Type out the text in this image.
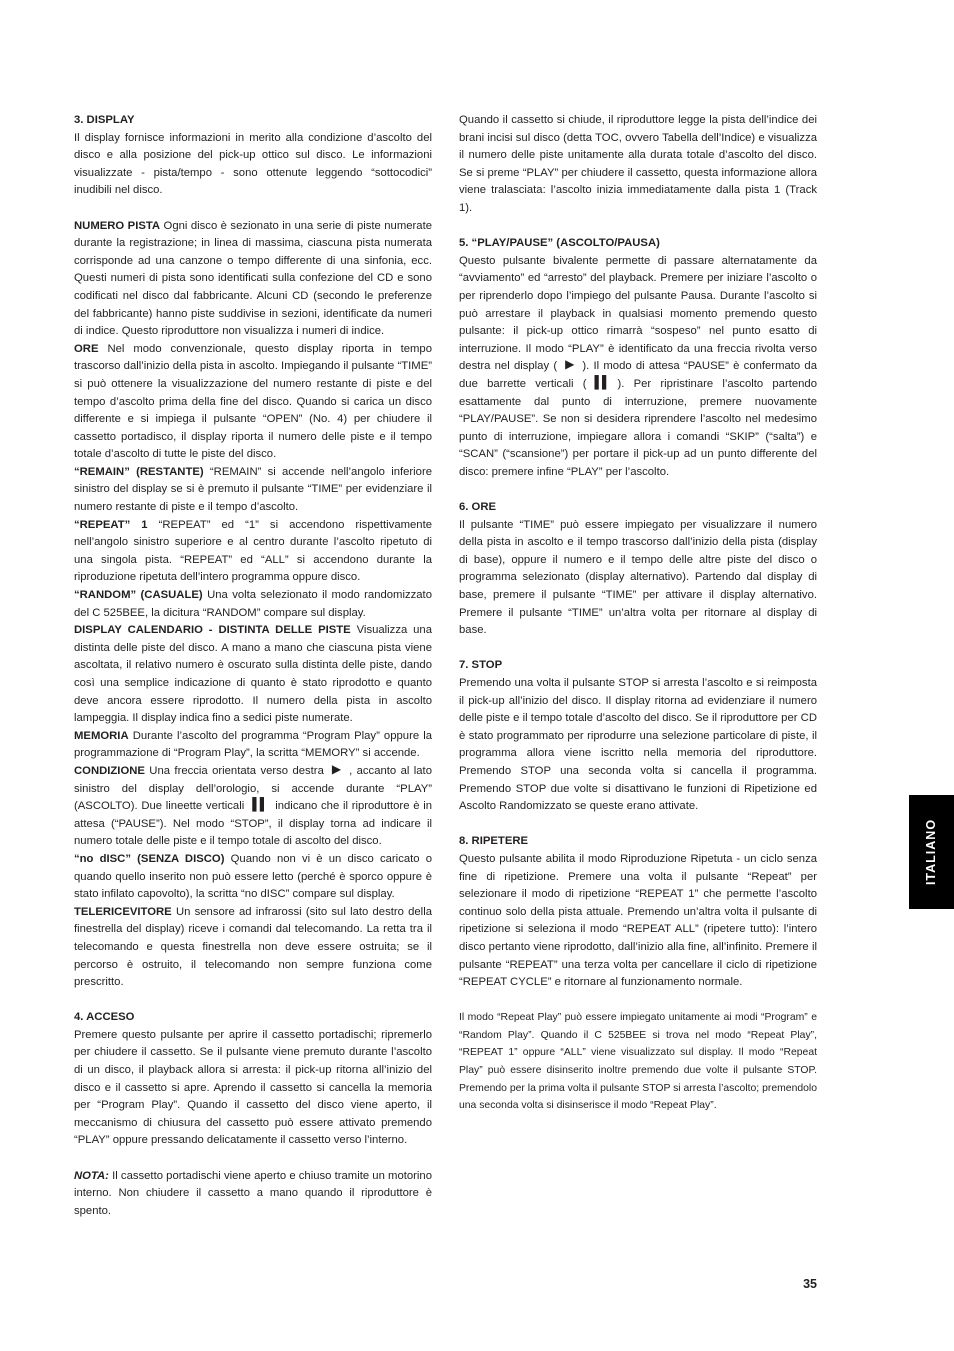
3. DISPLAY

Il display fornisce informazioni in merito alla condizione d’ascolto del disco e alla posizione del pick-up ottico sul disco. Le informazioni visualizzate - pista/tempo - sono ottenute leggendo “sottocodici” inudibili nel disco.

NUMERO PISTA Ogni disco è sezionato in una serie di piste numerate durante la registrazione; in linea di massima, ciascuna pista numerata corrisponde ad una canzone o tempo differente di una sinfonia, ecc. Questi numeri di pista sono identificati sulla confezione del CD e sono codificati nel disco dal fabbricante. Alcuni CD (secondo le preferenze del fabbricante) hanno piste suddivise in sezioni, identificate da numeri di indice. Questo riproduttore non visualizza i numeri di indice.

ORE Nel modo convenzionale, questo display riporta in tempo trascorso dall’inizio della pista in ascolto. Impiegando il pulsante “TIME” si può ottenere la visualizzazione del numero restante di piste e del tempo d’ascolto prima della fine del disco. Quando si carica un disco differente e si impiega il pulsante “OPEN” (No. 4) per chiudere il cassetto portadisco, il display riporta il numero delle piste e il tempo totale d’ascolto di tutte le piste del disco.

“REMAIN” (RESTANTE) “REMAIN” si accende nell’angolo inferiore sinistro del display se si è premuto il pulsante “TIME” per evidenziare il numero restante di piste e il tempo d’ascolto.

“REPEAT” 1 “REPEAT” ed “1” si accendono rispettivamente nell’angolo sinistro superiore e al centro durante l’ascolto ripetuto di una singola pista. “REPEAT” ed “ALL” si accendono durante la riproduzione ripetuta dell’intero programma oppure disco.

“RANDOM” (CASUALE) Una volta selezionato il modo randomizzato del C 525BEE, la dicitura “RANDOM” compare sul display.

DISPLAY CALENDARIO - DISTINTA DELLE PISTE Visualizza una distinta delle piste del disco. A mano a mano che ciascuna pista viene ascoltata, il relativo numero è oscurato sulla distinta delle piste, dando così una semplice indicazione di quanto è stato riprodotto e quanto deve ancora essere riprodotto. Il numero della pista in ascolto lampeggia. Il display indica fino a sedici piste numerate.

MEMORIA Durante l’ascolto del programma “Program Play” oppure la programmazione di “Program Play”, la scritta “MEMORY” si accende.

CONDIZIONE Una freccia orientata verso destra ▶ , accanto al lato sinistro del display dell’orologio, si accende durante “PLAY” (ASCOLTO). Due lineette verticali ▌▌ indicano che il riproduttore è in attesa (“PAUSE”). Nel modo “STOP”, il display torna ad indicare il numero totale delle piste e il tempo totale di ascolto del disco.

“no dISC” (SENZA DISCO) Quando non vi è un disco caricato o quando quello inserito non può essere letto (perché è sporco oppure è stato infilato capovolto), la scritta “no dISC” compare sul display.

TELERICEVITORE Un sensore ad infrarossi (sito sul lato destro della finestrella del display) riceve i comandi dal telecomando. La retta tra il telecomando e questa finestrella non deve essere ostruita; se il percorso è ostruito, il telecomando non sempre funziona come prescritto.

4. ACCESO

Premere questo pulsante per aprire il cassetto portadischi; ripremerlo per chiudere il cassetto. Se il pulsante viene premuto durante l’ascolto di un disco, il playback allora si arresta: il pick-up ritorna all’inizio del disco e il cassetto si apre. Aprendo il cassetto si cancella la memoria per “Program Play”. Quando il cassetto del disco viene aperto, il meccanismo di chiusura del cassetto può essere attivato premendo “PLAY” oppure pressando delicatamente il cassetto verso l’interno.

NOTA: Il cassetto portadischi viene aperto e chiuso tramite un motorino interno. Non chiudere il cassetto a mano quando il riproduttore è spento.

Quando il cassetto si chiude, il riproduttore legge la pista dell’indice dei brani incisi sul disco (detta TOC, ovvero Tabella dell’Indice) e visualizza il numero delle piste unitamente alla durata totale d’ascolto del disco. Se si preme “PLAY” per chiudere il cassetto, questa informazione allora viene tralasciata: l’ascolto inizia immediatamente dalla pista 1 (Track 1).

5. “PLAY/PAUSE” (ASCOLTO/PAUSA)

Questo pulsante bivalente permette di passare alternatamente da “avviamento” ed “arresto” del playback. Premere per iniziare l’ascolto o per riprenderlo dopo l’impiego del pulsante Pausa. Durante l’ascolto si può arrestare il playback in qualsiasi momento premendo questo pulsante: il pick-up ottico rimarrà “sospeso” nel punto esatto di interruzione. Il modo “PLAY” è identificato da una freccia rivolta verso destra nel display ( ▶ ). Il modo di attesa “PAUSE” è confermato da due barrette verticali ( ▌▌ ). Per ripristinare l’ascolto partendo esattamente dal punto di interruzione, premere nuovamente “PLAY/PAUSE”. Se non si desidera riprendere l’ascolto nel medesimo punto di interruzione, impiegare allora i comandi “SKIP” (“salta”) e “SCAN” (“scansione”) per portare il pick-up ad un punto differente del disco: premere infine “PLAY” per l’ascolto.

6. ORE

Il pulsante “TIME” può essere impiegato per visualizzare il numero della pista in ascolto e il tempo trascorso dall’inizio della pista (display di base), oppure il numero e il tempo delle altre piste del disco o programma selezionato (display alternativo). Partendo dal display di base, premere il pulsante “TIME” per attivare il display alternativo. Premere il pulsante “TIME” un’altra volta per ritornare al display di base.

7. STOP

Premendo una volta il pulsante STOP si arresta l’ascolto e si reimposta il pick-up all’inizio del disco. Il display ritorna ad evidenziare il numero delle piste e il tempo totale d’ascolto del disco. Se il riproduttore per CD è stato programmato per riprodurre una selezione particolare di piste, il programma allora viene iscritto nella memoria del riproduttore. Premendo STOP una seconda volta si cancella il programma. Premendo STOP due volte si disattivano le funzioni di Ripetizione ed Ascolto Randomizzato se queste erano attivate.

8. RIPETERE

Questo pulsante abilita il modo Riproduzione Ripetuta - un ciclo senza fine di ripetizione. Premere una volta il pulsante “Repeat” per selezionare il modo di ripetizione “REPEAT 1” che permette l’ascolto continuo solo della pista attuale. Premendo un’altra volta il pulsante di ripetizione si seleziona il modo “REPEAT ALL” (ripetere tutto): l’intero disco pertanto viene riprodotto, dall’inizio alla fine, all’infinito. Premere il pulsante “REPEAT” una terza volta per cancellare il ciclo di ripetizione “REPEAT CYCLE” e ritornare al funzionamento normale.

Il modo “Repeat Play” può essere impiegato unitamente ai modi “Program” e “Random Play”. Quando il C 525BEE si trova nel modo “Repeat Play”, “REPEAT 1” oppure “ALL” viene visualizzato sul display. Il modo “Repeat Play” può essere disinserito inoltre premendo due volte il pulsante STOP. Premendo per la prima volta il pulsante STOP si arresta l’ascolto; premendolo una seconda volta si disinserisce il modo “Repeat Play”.

ITALIANO
35
